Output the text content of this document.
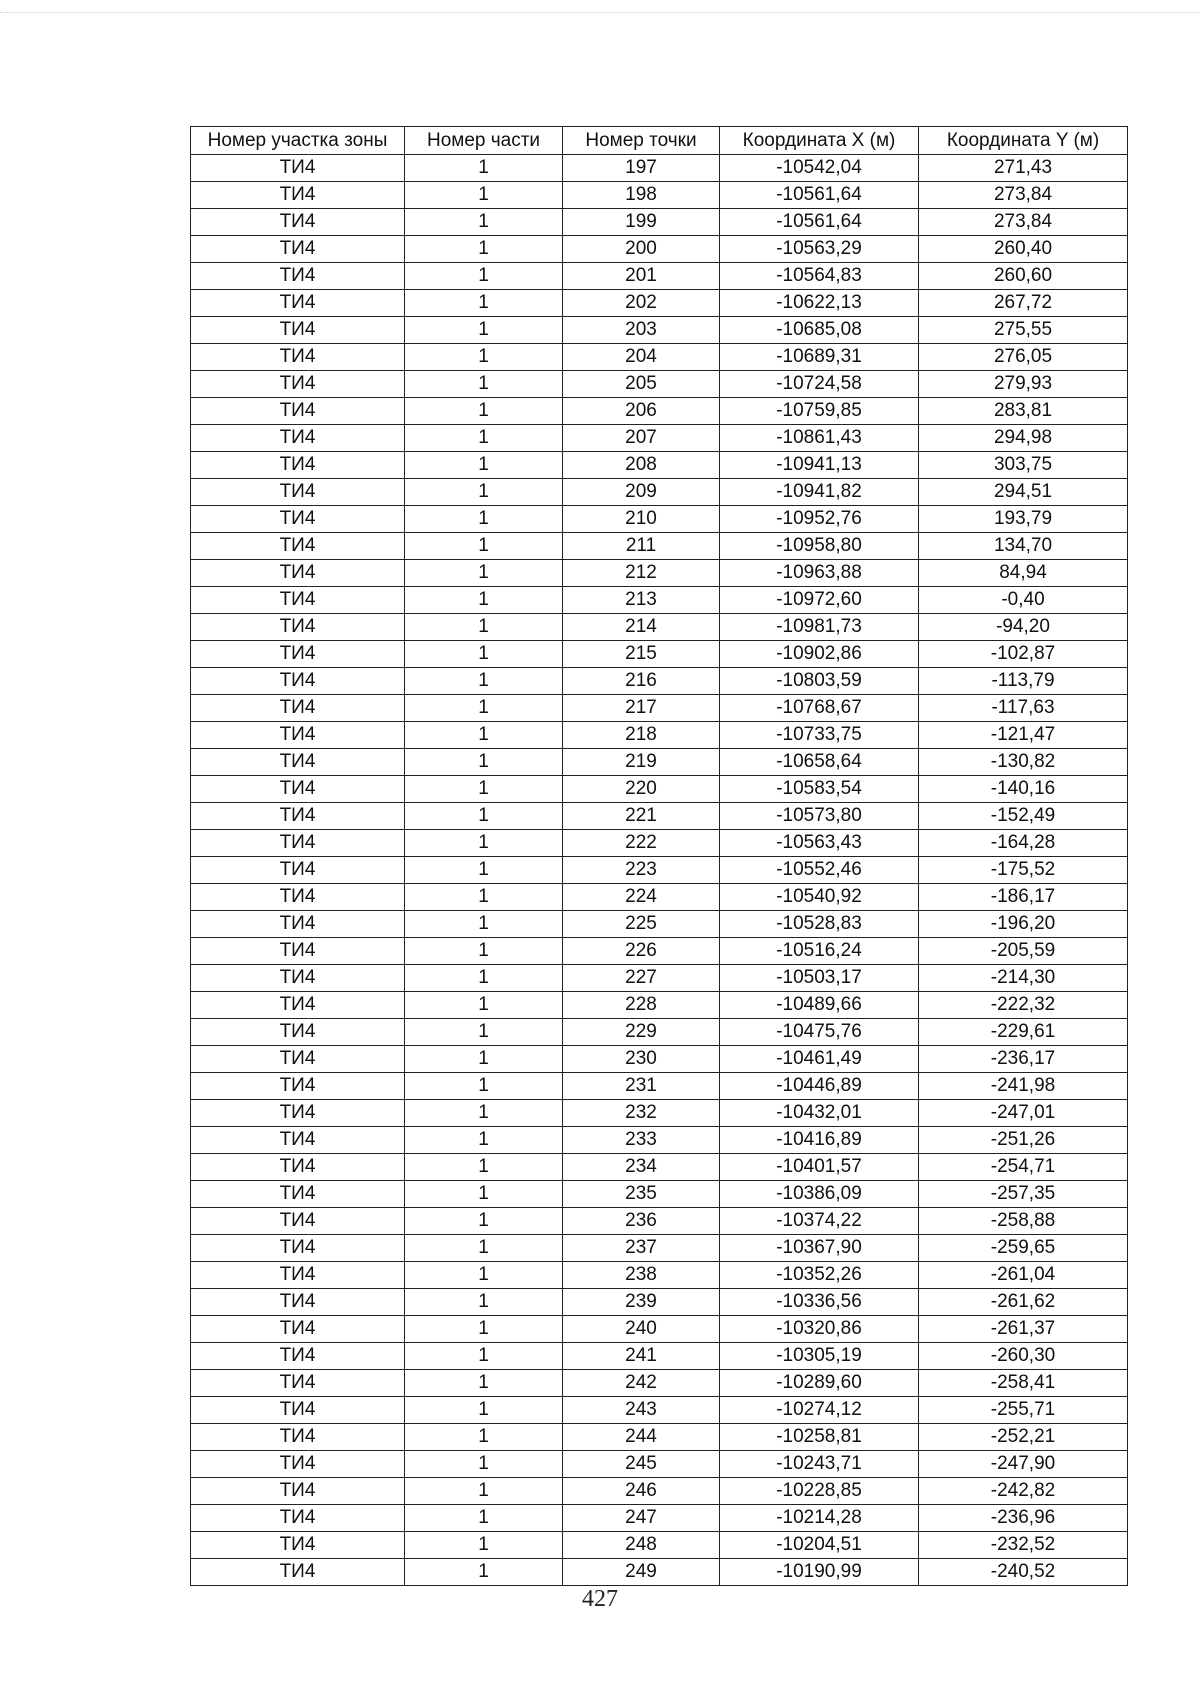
Номер участка зоны	Номер части	Номер точки	Координата X (м)	Координата Y (м)
ТИ4	1	197	-10542,04	271,43
ТИ4	1	198	-10561,64	273,84
ТИ4	1	199	-10561,64	273,84
ТИ4	1	200	-10563,29	260,40
ТИ4	1	201	-10564,83	260,60
ТИ4	1	202	-10622,13	267,72
ТИ4	1	203	-10685,08	275,55
ТИ4	1	204	-10689,31	276,05
ТИ4	1	205	-10724,58	279,93
ТИ4	1	206	-10759,85	283,81
ТИ4	1	207	-10861,43	294,98
ТИ4	1	208	-10941,13	303,75
ТИ4	1	209	-10941,82	294,51
ТИ4	1	210	-10952,76	193,79
ТИ4	1	211	-10958,80	134,70
ТИ4	1	212	-10963,88	84,94
ТИ4	1	213	-10972,60	-0,40
ТИ4	1	214	-10981,73	-94,20
ТИ4	1	215	-10902,86	-102,87
ТИ4	1	216	-10803,59	-113,79
ТИ4	1	217	-10768,67	-117,63
ТИ4	1	218	-10733,75	-121,47
ТИ4	1	219	-10658,64	-130,82
ТИ4	1	220	-10583,54	-140,16
ТИ4	1	221	-10573,80	-152,49
ТИ4	1	222	-10563,43	-164,28
ТИ4	1	223	-10552,46	-175,52
ТИ4	1	224	-10540,92	-186,17
ТИ4	1	225	-10528,83	-196,20
ТИ4	1	226	-10516,24	-205,59
ТИ4	1	227	-10503,17	-214,30
ТИ4	1	228	-10489,66	-222,32
ТИ4	1	229	-10475,76	-229,61
ТИ4	1	230	-10461,49	-236,17
ТИ4	1	231	-10446,89	-241,98
ТИ4	1	232	-10432,01	-247,01
ТИ4	1	233	-10416,89	-251,26
ТИ4	1	234	-10401,57	-254,71
ТИ4	1	235	-10386,09	-257,35
ТИ4	1	236	-10374,22	-258,88
ТИ4	1	237	-10367,90	-259,65
ТИ4	1	238	-10352,26	-261,04
ТИ4	1	239	-10336,56	-261,62
ТИ4	1	240	-10320,86	-261,37
ТИ4	1	241	-10305,19	-260,30
ТИ4	1	242	-10289,60	-258,41
ТИ4	1	243	-10274,12	-255,71
ТИ4	1	244	-10258,81	-252,21
ТИ4	1	245	-10243,71	-247,90
ТИ4	1	246	-10228,85	-242,82
ТИ4	1	247	-10214,28	-236,96
ТИ4	1	248	-10204,51	-232,52
ТИ4	1	249	-10190,99	-240,52
427
